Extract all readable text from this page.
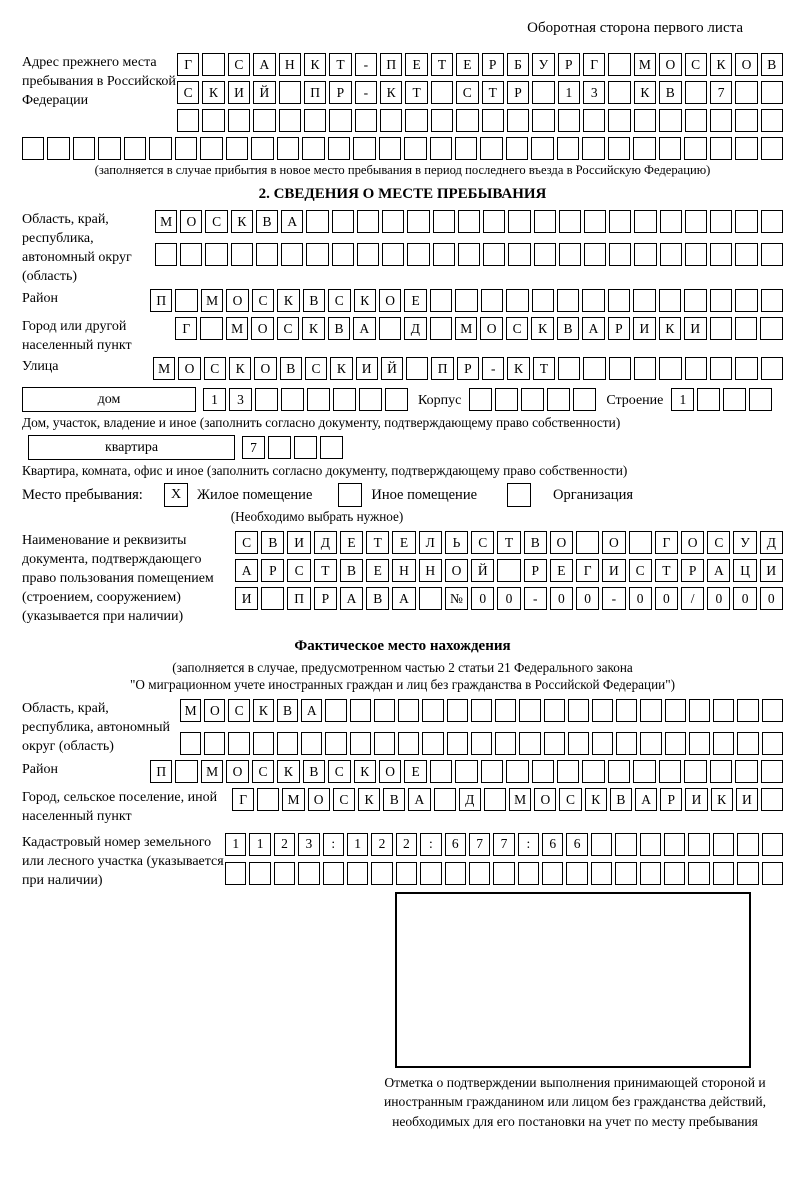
Оборотная сторона первого листа
Адрес прежнего места пребывания в Российской Федерации
Г	С	А	Н	К	Т	-	П	Е	Т	Е	Р	Б	У	Р	Г	М	О	С	К	О	В
С	К	И	Й	П	Р	-	К	Т	С	Т	Р	1	3	К	В	7
(заполняется в случае прибытия в новое место пребывания в период последнего въезда в Российскую Федерацию)
2. СВЕДЕНИЯ О МЕСТЕ ПРЕБЫВАНИЯ
Область, край, республика, автономный округ (область)
М	О	С	К	В	А
Район	П	М	О	С	К	В	С	К	О	Е
Город или другой населенный пункт
Г	М	О	С	К	В	А	Д	М	О	С	К	В	А	Р	И	К	И
Улица	М	О	С	К	О	В	С	К	И	Й	П	Р	-	К	Т
дом	1	3	Корпус	Строение	1
Дом, участок, владение и иное (заполнить согласно документу, подтверждающему право собственности)
квартира	7
Квартира, комната, офис и иное (заполнить согласно документу, подтверждающему право собственности)
Место пребывания:	X	Жилое помещение	Иное помещение	Организация
(Необходимо выбрать нужное)
Наименование и реквизиты документа, подтверждающего право пользования помещением (строением, сооружением) (указывается при наличии)
С	В	И	Д	Е	Т	Е	Л	Ь	С	Т	В	О	О	Г	О	С	У	Д
А	Р	С	Т	В	Е	Н	Н	О	Й	Р	Е	Г	И	С	Т	Р	А	Ц	И
И	П	Р	А	В	А	№	0	0	-	0	0	-	0	0	/	0	0	0
Фактическое место нахождения
(заполняется в случае, предусмотренном частью 2 статьи 21 Федерального закона
"О миграционном учете иностранных граждан и лиц без гражданства в Российской Федерации")
Область, край, республика, автономный округ (область)
М О	С	К	В	А
Район	П	М	О	С	К	В	С	К	О	Е
Город, сельское поселение, иной населенный пункт
Г	М	О	С	К	В	А	Д	М	О	С	К	В	А	Р	И	К	И
Кадастровый номер земельного или лесного участка (указывается при наличии)
1	1	2	3	:	1	2	2	:	6	7	7	:	6	6
Отметка о подтверждении выполнения принимающей стороной и иностранным гражданином или лицом без гражданства действий, необходимых для его постановки на учет по месту пребывания
